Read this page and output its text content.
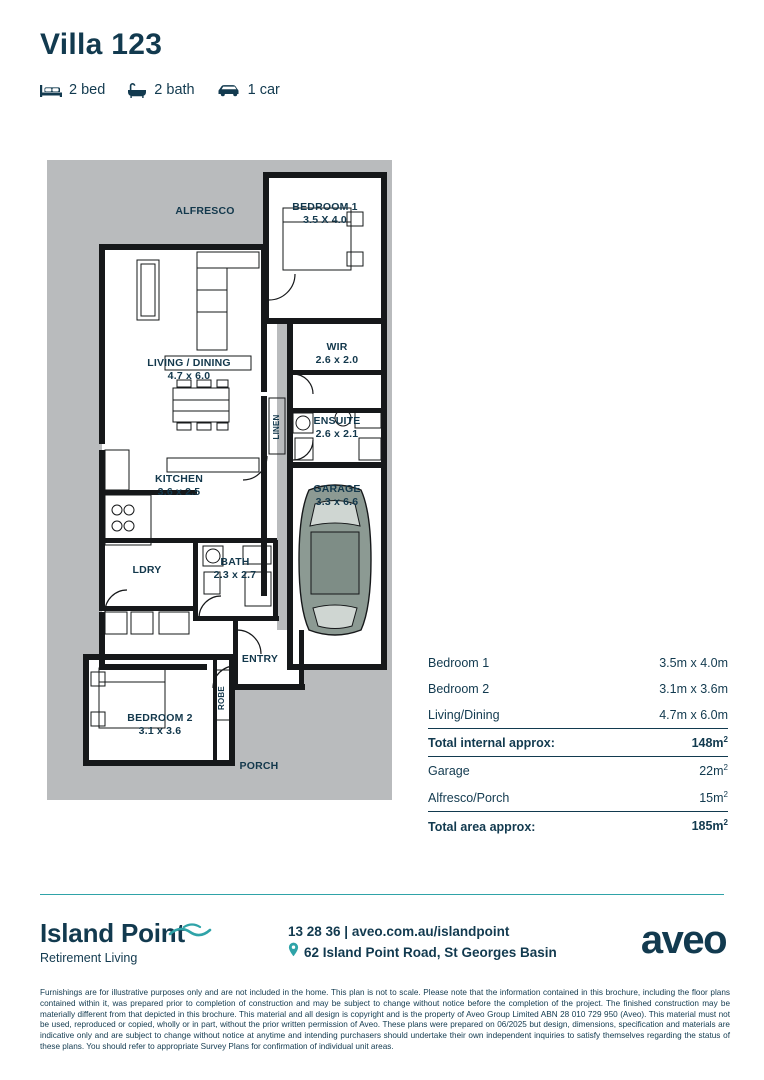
Villa 123
2 bed	2 bath	1 car
ALFRESCO	BEDROOM 1
3.5 X 4.0
LIVING / DINING
4.7 x 6.0
WIR
2.6 x 2.0
ENSUITE
2.6 x 2.1
LINEN
KITCHEN
3.6 x 2.5	GARAGE
3.3 x 6.6
LDRY
BATH
2.3 x 2.7
ENTRY
ROBE
BEDROOM 2
3.1 x 3.6
PORCH
Bedroom 1	3.5m x 4.0m
Bedroom 2	3.1m x 3.6m
Living/Dining	4.7m x 6.0m
Total internal approx:	$148m^2$
Garage	$22m^2$
Alfresco/Porch	$15m^2$
Total area approx:	$185m^2$
Island Point
Retirement Living
13 28 36 | aveo.com.au/islandpoint
62 Island Point Road, St Georges Basin aveo
Furnishings are for illustrative purposes only and are not included in the home. This plan is not to scale. Please note that the information contained in this brochure, including the floor plans contained within it, was prepared prior to completion of construction and may be subject to change without notice before the completion of the project. The finished construction may be materially different from that depicted in this brochure. This material and all design is copyright and is the property of Aveo Group Limited ABN 28 010 729 950 (Aveo). This material must not be used, reproduced or copied, wholly or in part, without the prior written permission of Aveo. These plans were prepared on 06/2025 but design, dimensions, specification and materials are indicative only and are subject to change without notice at anytime and intending purchasers should undertake their own independent inquiries to satisfy themselves regarding the status of these plans. You should refer to appropriate Survey Plans for confirmation of individual unit areas.
